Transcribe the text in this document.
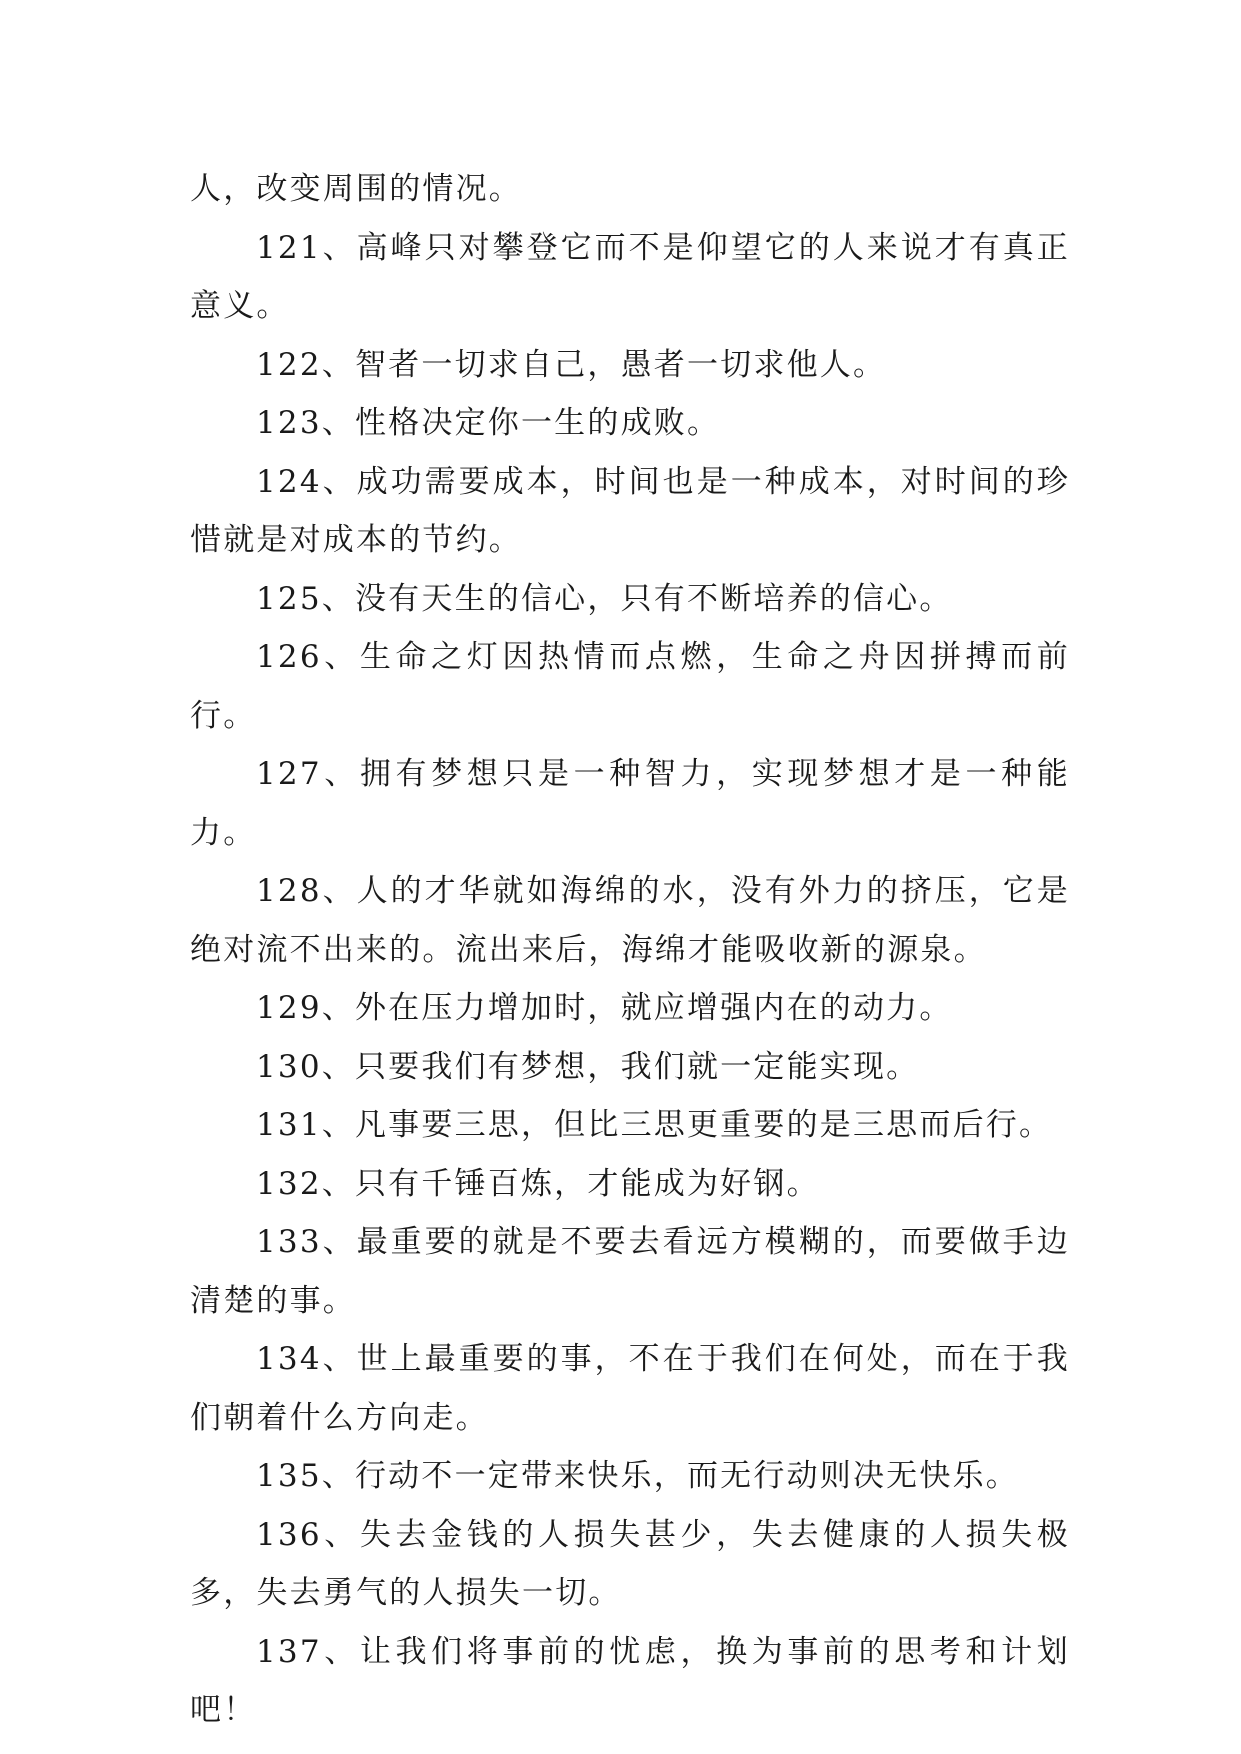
人，改变周围的情况。

121、高峰只对攀登它而不是仰望它的人来说才有真正意义。

122、智者一切求自己，愚者一切求他人。

123、性格决定你一生的成败。

124、成功需要成本，时间也是一种成本，对时间的珍惜就是对成本的节约。

125、没有天生的信心，只有不断培养的信心。

126、生命之灯因热情而点燃，生命之舟因拼搏而前行。

127、拥有梦想只是一种智力，实现梦想才是一种能力。

128、人的才华就如海绵的水，没有外力的挤压，它是绝对流不出来的。流出来后，海绵才能吸收新的源泉。

129、外在压力增加时，就应增强内在的动力。

130、只要我们有梦想，我们就一定能实现。

131、凡事要三思，但比三思更重要的是三思而后行。

132、只有千锤百炼，才能成为好钢。

133、最重要的就是不要去看远方模糊的，而要做手边清楚的事。

134、世上最重要的事，不在于我们在何处，而在于我们朝着什么方向走。

135、行动不一定带来快乐，而无行动则决无快乐。

136、失去金钱的人损失甚少，失去健康的人损失极多，失去勇气的人损失一切。

137、让我们将事前的忧虑，换为事前的思考和计划吧！
